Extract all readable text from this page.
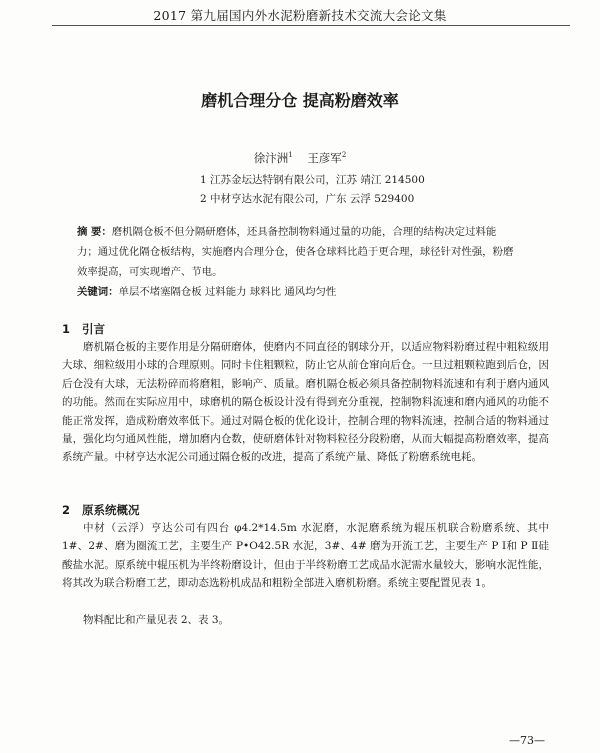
2017 第九届国内外水泥粉磨新技术交流大会论文集
磨机合理分仓 提高粉磨效率
徐汴洲$^1$ 王彦军$^2$
1 江苏金坛达特钢有限公司，江苏 靖江 214500
2 中材亨达水泥有限公司，广东 云浮 529400

摘 要：磨机隔仓板不但分隔研磨体，还具备控制物料通过量的功能，合理的结构决定过料能力；通过优化隔仓板结构，实施磨内合理分仓，使各仓球料比趋于更合理，球径针对性强，粉磨效率提高，可实现增产、节电。

关键词：单层不堵塞隔仓板 过料能力 球料比 通风均匀性

1 引言

磨机隔仓板的主要作用是分隔研磨体，使磨内不同直径的钢球分开，以适应物料粉磨过程中粗粒级用大球、细粒级用小球的合理原则。同时卡住粗颗粒，防止它从前仓窜向后仓。一旦过粗颗粒跑到后仓，因后仓没有大球，无法粉碎而将磨粗，影响产、质量。磨机隔仓板必须具备控制物料流速和有利于磨内通风的功能。然而在实际应用中，球磨机的隔仓板设计没有得到充分重视，控制物料流速和磨内通风的功能不能正常发挥，造成粉磨效率低下。通过对隔仓板的优化设计，控制合理的物料流速，控制合适的物料通过量，强化均匀通风性能，增加磨内仓数，使研磨体针对物料粒径分段粉磨，从而大幅提高粉磨效率，提高系统产量。中材亨达水泥公司通过隔仓板的改进，提高了系统产量、降低了粉磨系统电耗。

2 原系统概况

中材（云浮）亨达公司有四台 φ4.2*14.5m 水泥磨，水泥磨系统为辊压机联合粉磨系统、其中 1#、2#、磨为圈流工艺，主要生产 P•O42.5R 水泥，3#、4# 磨为开流工艺，主要生产 P Ⅰ和 P Ⅱ硅酸盐水泥。原系统中辊压机为半终粉磨设计，但由于半终粉磨工艺成品水泥需水量较大，影响水泥性能，将其改为联合粉磨工艺，即动态选粉机成品和粗粉全部进入磨机粉磨。系统主要配置见表 1。

物料配比和产量见表 2、表 3。

—73—
